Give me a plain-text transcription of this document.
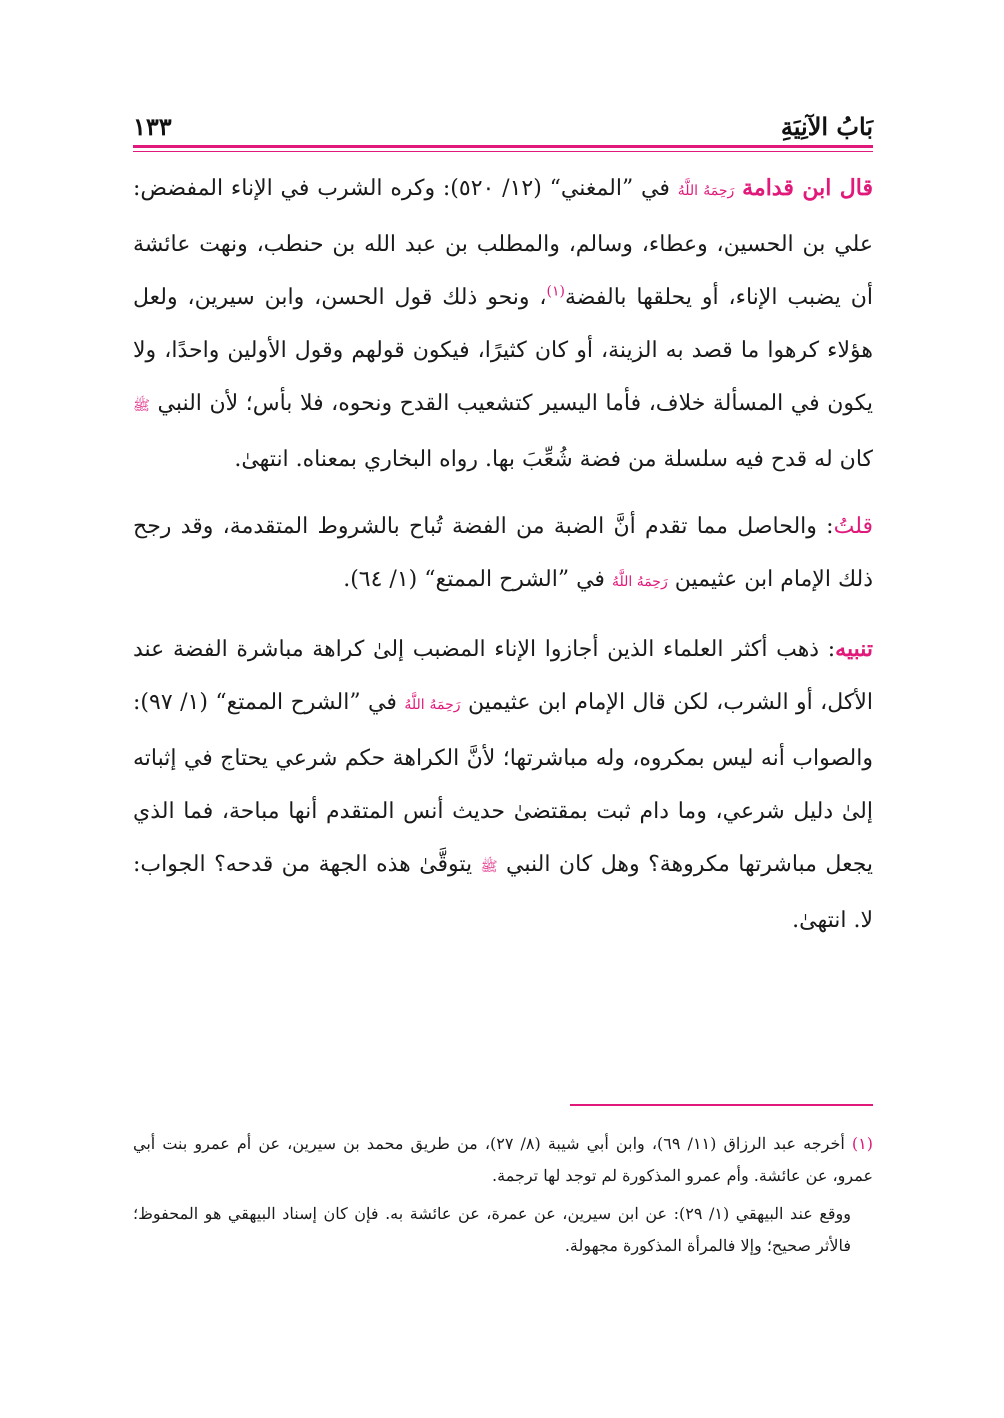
بَابُ الآنِيَةِ
١٣٣

قال ابن قدامة رَحِمَهُ اللَّهُ في ”المغني“ (١٢/ ٥٢٠): وكره الشرب في الإناء المفضض: علي بن الحسين، وعطاء، وسالم، والمطلب بن عبد الله بن حنطب، ونهت عائشة أن يضبب الإناء، أو يحلقها بالفضة$^{(١)}$، ونحو ذلك قول الحسن، وابن سيرين، ولعل هؤلاء كرهوا ما قصد به الزينة، أو كان كثيرًا، فيكون قولهم وقول الأولين واحدًا، ولا يكون في المسألة خلاف، فأما اليسير كتشعيب القدح ونحوه، فلا بأس؛ لأن النبي ﷺ كان له قدح فيه سلسلة من فضة شُعِّبَ بها. رواه البخاري بمعناه. انتهىٰ.

قلتُ: والحاصل مما تقدم أنَّ الضبة من الفضة تُباح بالشروط المتقدمة، وقد رجح ذلك الإمام ابن عثيمين رَحِمَهُ اللَّهُ في ”الشرح الممتع“ (١/ ٦٤).

تنبيه: ذهب أكثر العلماء الذين أجازوا الإناء المضبب إلىٰ كراهة مباشرة الفضة عند الأكل، أو الشرب، لكن قال الإمام ابن عثيمين رَحِمَهُ اللَّهُ في ”الشرح الممتع“ (١/ ٩٧): والصواب أنه ليس بمكروه، وله مباشرتها؛ لأنَّ الكراهة حكم شرعي يحتاج في إثباته إلىٰ دليل شرعي، وما دام ثبت بمقتضىٰ حديث أنس المتقدم أنها مباحة، فما الذي يجعل مباشرتها مكروهة؟ وهل كان النبي ﷺ يتوقَّىٰ هذه الجهة من قدحه؟ الجواب: لا. انتهىٰ.

(١) أخرجه عبد الرزاق (١١/ ٦٩)، وابن أبي شيبة (٨/ ٢٧)، من طريق محمد بن سيرين، عن أم عمرو بنت أبي عمرو، عن عائشة. وأم عمرو المذكورة لم توجد لها ترجمة.

ووقع عند البيهقي (١/ ٢٩): عن ابن سيرين، عن عمرة، عن عائشة به. فإن كان إسناد البيهقي هو المحفوظ؛ فالأثر صحيح؛ وإلا فالمرأة المذكورة مجهولة.
